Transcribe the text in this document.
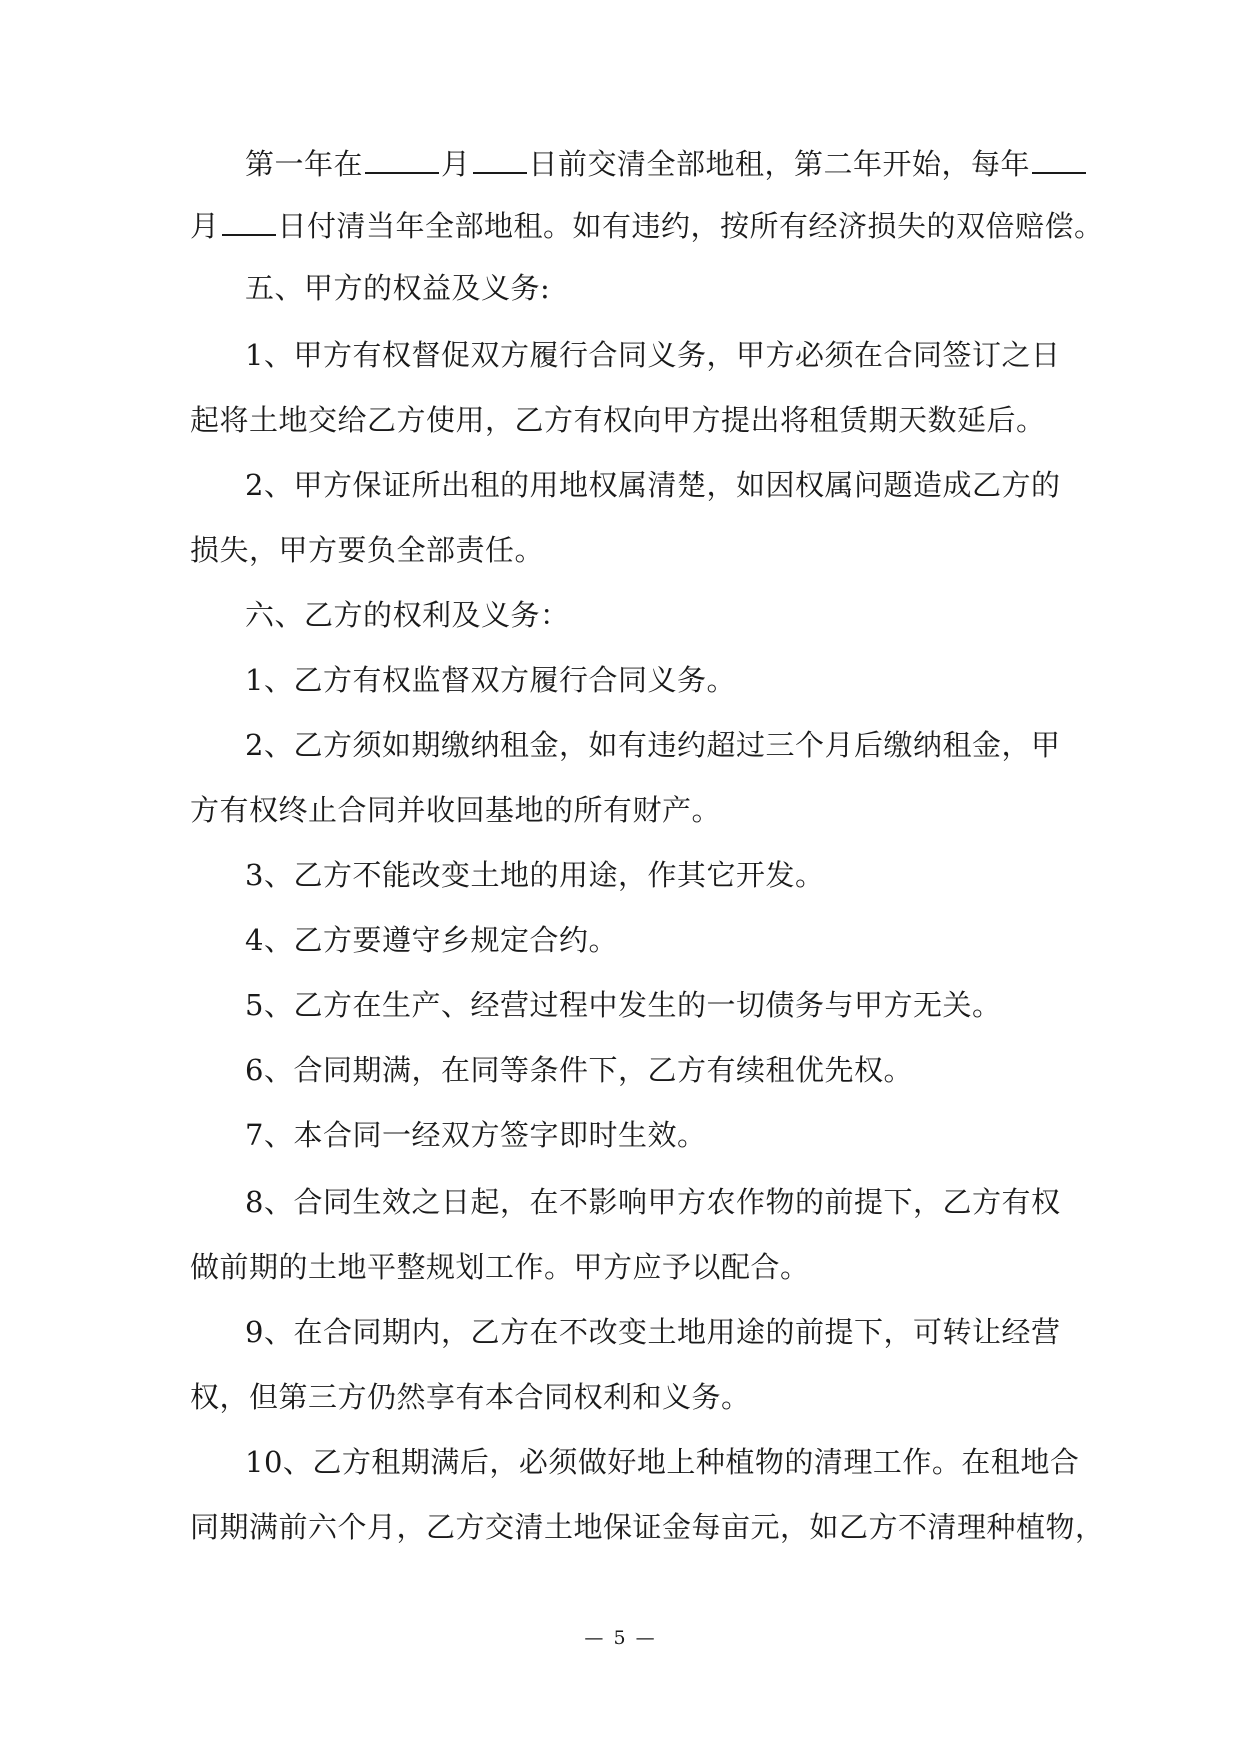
第一年在	月 日前交清全部地租，第二年开始，每年
月 日付清当年全部地租。如有违约，按所有经济损失的双倍赔偿。
五、甲方的权益及义务:
1、甲方有权督促双方履行合同义务，甲方必须在合同签订之日
起将土地交给乙方使用，乙方有权向甲方提出将租赁期天数延后。
2、甲方保证所出租的用地权属清楚，如因权属问题造成乙方的
损失，甲方要负全部责任。
六、乙方的权利及义务：
1、乙方有权监督双方履行合同义务。
2、乙方须如期缴纳租金，如有违约超过三个月后缴纳租金，甲
方有权终止合同并收回基地的所有财产。
3、乙方不能改变土地的用途，作其它开发。
4、乙方要遵守乡规定合约。
5、乙方在生产、经营过程中发生的一切债务与甲方无关。
6、合同期满，在同等条件下，乙方有续租优先权。
7、本合同一经双方签字即时生效。
8、合同生效之日起，在不影响甲方农作物的前提下，乙方有权
做前期的土地平整规划工作。甲方应予以配合。
9、在合同期内，乙方在不改变土地用途的前提下，可转让经营
权，但第三方仍然享有本合同权利和义务。
10、乙方租期满后，必须做好地上种植物的清理工作。在租地合
同期满前六个月，乙方交清土地保证金每亩元，如乙方不清理种植物，
— 5 —
